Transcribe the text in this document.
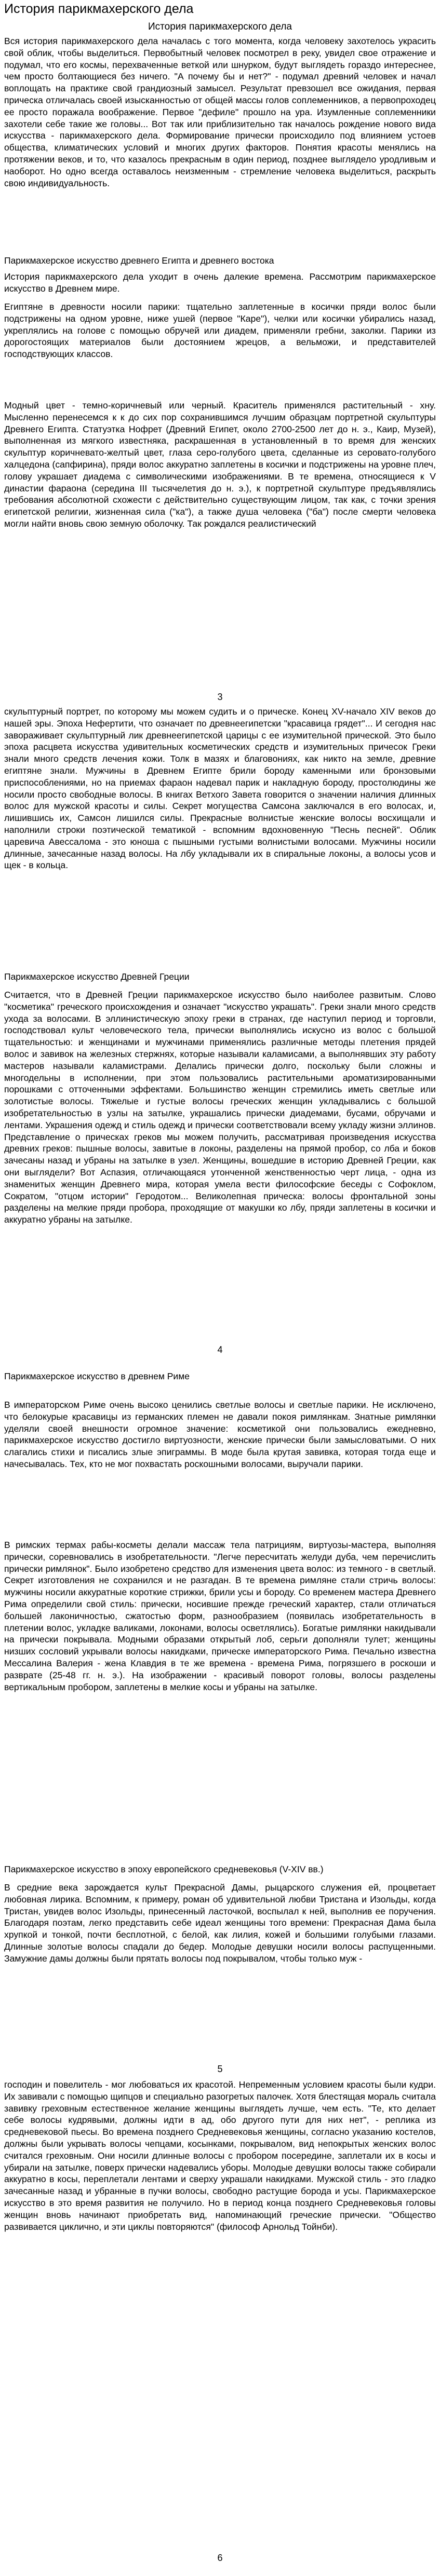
История парикмахерского дела
История парикмахерского дела

Вся история парикмахерского дела началась с того момента, когда человеку захотелось украсить свой облик, чтобы выделиться. Первобытный человек посмотрел в реку, увидел свое отражение и подумал, что его космы, перехваченные веткой или шнурком, будут выглядеть гораздо интереснее, чем просто болтающиеся без ничего. "А почему бы и нет?" - подумал древний человек и начал воплощать на практике свой грандиозный замысел. Результат превзошел все ожидания, первая прическа отличалась своей изысканностью от общей массы голов соплеменников, а первопроходец ее просто поражала воображение. Первое "дефиле" прошло на ура. Изумленные соплеменники захотели себе такие же головы... Вот так или приблизительно так началось рождение нового вида искусства - парикмахерского дела. Формирование прически происходило под влиянием устоев общества, климатических условий и многих других факторов. Понятия красоты менялись на протяжении веков, и то, что казалось прекрасным в один период, позднее выглядело уродливым и наоборот. Но одно всегда оставалось неизменным - стремление человека выделиться, раскрыть свою индивидуальность.

Парикмахерское искусство древнего Египта и древнего востока

История парикмахерского дела уходит в очень далекие времена. Рассмотрим парикмахерское искусство в Древнем мире.

Египтяне в древности носили парики: тщательно заплетенные в косички пряди волос были подстрижены на одном уровне, ниже ушей (первое "Каре"), челки или косички убирались назад, укреплялись на голове с помощью обручей или диадем, применяли гребни, заколки. Парики из дорогостоящих материалов были достоянием жрецов, а вельможи, и представителей господствующих классов.

Модный цвет - темно-коричневый или черный. Краситель применялся растительный - хну. Мысленно перенесемся к к до сих пор сохранившимся лучшим образцам портретной скульптуры Древнего Египта. Статуэтка Нофрет (Древний Египет, около 2700-2500 лет до н. э., Каир, Музей), выполненная из мягкого известняка, раскрашенная в установленный в то время для женских скульптур коричневато-желтый цвет, глаза серо-голубого цвета, сделанные из серовато-голубого халцедона (сапфирина), пряди волос аккуратно заплетены в косички и подстрижены на уровне плеч, голову украшает диадема с символическими изображениями. В те времена, относящиеся к V династии фараона (середина III тысячелетия до н. э.), к портретной скульптуре предъявлялись требования абсолютной схожести с действительно существующим лицом, так как, с точки зрения египетской религии, жизненная сила ("ка"), а также душа человека ("ба") после смерти человека могли найти вновь свою земную оболочку. Так рождался реалистический

3

скульптурный портрет, по которому мы можем судить и о прическе. Конец XV-начало XIV веков до нашей эры. Эпоха Нефертити, что означает по древнеегипетски "красавица грядет"... И сегодня нас завораживает скульптурный лик древнеегипетской царицы с ее изумительной прической. Это было эпоха расцвета искусства удивительных косметических средств и изумительных причесок Греки знали много средств лечения кожи. Толк в мазях и благовониях, как никто на земле, древние египтяне знали. Мужчины в Древнем Египте брили бороду каменными или бронзовыми приспособлениями, но на приемах фараон надевал парик и накладную бороду, простолюдины же носили просто свободные волосы. В книгах Ветхого Завета говорится о значении наличия длинных волос для мужской красоты и силы. Секрет могущества Самсона заключался в его волосах, и, лишившись их, Самсон лишился силы. Прекрасные волнистые женские волосы восхищали и наполнили строки поэтической тематикой - вспомним вдохновенную "Песнь песней". Облик царевича Авессалома - это юноша с пышными густыми волнистыми волосами. Мужчины носили длинные, зачесанные назад волосы. На лбу укладывали их в спиральные локоны, а волосы усов и щек - в кольца.

Парикмахерское искусство Древней Греции

Считается, что в Древней Греции парикмахерское искусство было наиболее развитым. Слово "косметика" греческого происхождения и означает "искусство украшать". Греки знали много средств ухода за волосами. В эллинистическую эпоху греки в странах, где наступил период и торговли, господствовал культ человеческого тела, прически выполнялись искусно из волос с большой тщательностью: и женщинами и мужчинами применялись различные методы плетения прядей волос и завивок на железных стержнях, которые называли каламисами, а выполнявших эту работу мастеров называли каламистрами. Делались прически долго, поскольку были сложны и многодельны в исполнении, при этом пользовались растительными ароматизированными порошками с отточенными эффектами. Большинство женщин стремились иметь светлые или золотистые волосы. Тяжелые и густые волосы греческих женщин укладывались с большой изобретательностью в узлы на затылке, украшались прически диадемами, бусами, обручами и лентами. Украшения одежд и стиль одежд и прически соответствовали всему укладу жизни эллинов. Представление о прическах греков мы можем получить, рассматривая произведения искусства древних греков: пышные волосы, завитые в локоны, разделены на прямой пробор, со лба и боков зачесаны назад и убраны на затылке в узел. Женщины, вошедшие в историю Древней Греции, как они выглядели? Вот Аспазия, отличающаяся утонченной женственностью черт лица, - одна из знаменитых женщин Древнего мира, которая умела вести философские беседы с Софоклом, Сократом, "отцом истории" Геродотом... Великолепная прическа: волосы фронтальной зоны разделены на мелкие пряди пробора, проходящие от макушки ко лбу, пряди заплетены в косички и аккуратно убраны на затылке.

4
Парикмахерское искусство в древнем Риме

В императорском Риме очень высоко ценились светлые волосы и светлые парики. Не исключено, что белокурые красавицы из германских племен не давали покоя римлянкам. Знатные римлянки уделяли своей внешности огромное значение: косметикой они пользовались ежедневно, парикмахерское искусство достигло виртуозности, женские прически были замысловатыми. О них слагались стихи и писались злые эпиграммы. В моде была крутая завивка, которая тогда еще и начесывалась. Тех, кто не мог похвастать роскошными волосами, выручали парики.

В римских термах рабы-косметы делали массаж тела патрициям, виртуозы-мастера, выполняя прически, соревновались в изобретательности. "Легче пересчитать желуди дуба, чем перечислить прически римлянок". Было изобретено средство для изменения цвета волос: из темного - в светлый. Секрет изготовления не сохранился и не разгадан. В те времена римляне стали стричь волосы: мужчины носили аккуратные короткие стрижки, брили усы и бороду. Со временем мастера Древнего Рима определили свой стиль: прически, носившие прежде греческий характер, стали отличаться большей лаконичностью, сжатостью форм, разнообразием (появилась изобретательность в плетении волос, укладке валиками, локонами, волосы осветлялись). Богатые римлянки накидывали на прически покрывала. Модными образами открытый лоб, серьги дополняли тулет; женщины низших сословий укрывали волосы накидками, прическе императорского Рима. Печально известна Мессалина Валерия - жена Клавдия в те же времена - времена Рима, погрязшего в роскоши и разврате (25-48 гг. н. э.). На изображении - красивый поворот головы, волосы разделены вертикальным пробором, заплетены в мелкие косы и убраны на затылке.

Парикмахерское искусство в эпоху европейского средневековья (V-XIV вв.)

В средние века зарождается культ Прекрасной Дамы, рыцарского служения ей, процветает любовная лирика. Вспомним, к примеру, роман об удивительной любви Тристана и Изольды, когда Тристан, увидев волос Изольды, принесенный ласточкой, воспылал к ней, выполнив ее поручения. Благодаря поэтам, легко представить себе идеал женщины того времени: Прекрасная Дама была хрупкой и тонкой, почти бесплотной, с белой, как лилия, кожей и большими голубыми глазами. Длинные золотые волосы спадали до бедер. Молодые девушки носили волосы распущенными. Замужние дамы должны были прятать волосы под покрывалом, чтобы только муж -

5

господин и повелитель - мог любоваться их красотой. Непременным условием красоты были кудри. Их завивали с помощью щипцов и специально разогретых палочек. Хотя блестящая мораль считала завивку греховным естественное желание женщины выглядеть лучше, чем есть. "Те, кто делает себе волосы кудрявыми, должны идти в ад, обо другого пути для них нет", - реплика из средневековой пьесы. Во времена позднего Средневековья женщины, согласно указанию костелов, должны были укрывать волосы чепцами, косынками, покрывалом, вид непокрытых женских волос считался греховным. Они носили длинные волосы с пробором посередине, заплетали их в косы и убирали на затылке, поверх прически надевались уборы. Молодые девушки волосы также собирали аккуратно в косы, переплетали лентами и сверху украшали накидками. Мужской стиль - это гладко зачесанные назад и убранные в пучки волосы, свободно растущие борода и усы. Парикмахерское искусство в это время развития не получило. Но в период конца позднего Средневековья головы женщин вновь начинают приобретать вид, напоминающий греческие прически. "Общество развивается циклично, и эти циклы повторяются" (философ Арнольд Тойнби).

6
